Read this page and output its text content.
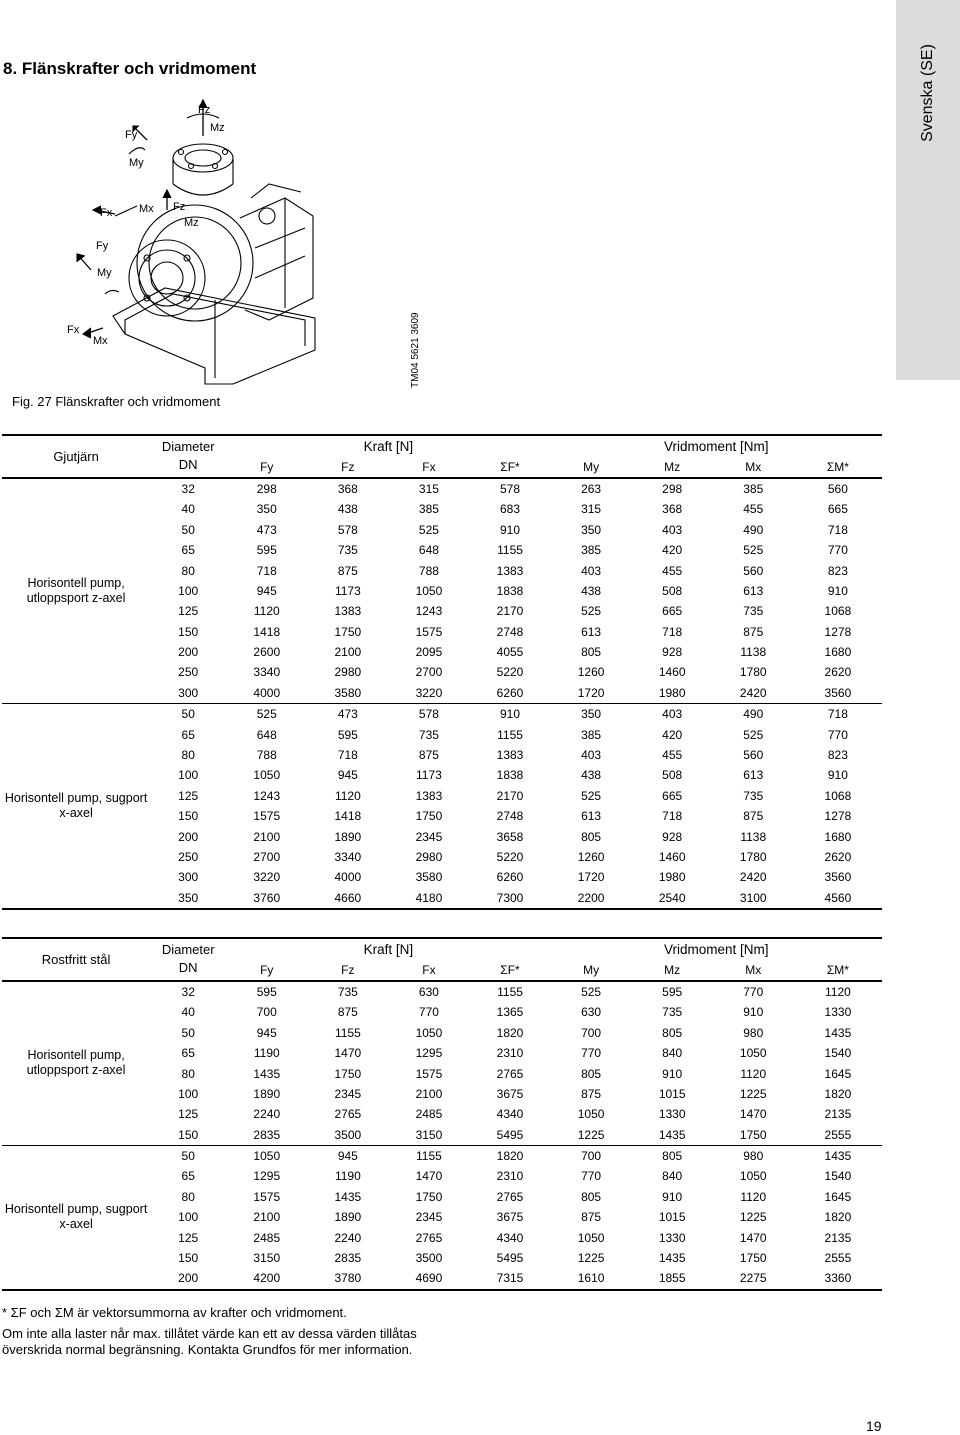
8. Flänskrafter och vridmoment	Svenska (SE)
Fz
Mz
Fy
My
Fx Mx Fz
Mz
Fy
My
Fx
Mx	TM04 5621 3609
Fig. 27 Flänskrafter och vridmoment
Gjutjärn	Diameter
DN	Kraft [N]				Vridmoment [Nm]			
		Fy	Fz	Fx	ΣF*	My	Mz	Mx	ΣM*
Horisontell pump, utloppsport z-axel	32	298	368	315	578	263	298	385	560
	40	350	438	385	683	315	368	455	665
	50	473	578	525	910	350	403	490	718
	65	595	735	648	1155	385	420	525	770
	80	718	875	788	1383	403	455	560	823
	100	945	1173	1050	1838	438	508	613	910
	125	1120	1383	1243	2170	525	665	735	1068
	150	1418	1750	1575	2748	613	718	875	1278
	200	2600	2100	2095	4055	805	928	1138	1680
	250	3340	2980	2700	5220	1260	1460	1780	2620
	300	4000	3580	3220	6260	1720	1980	2420	3560
Horisontell pump, sugport x-axel	50	525	473	578	910	350	403	490	718
	65	648	595	735	1155	385	420	525	770
	80	788	718	875	1383	403	455	560	823
	100	1050	945	1173	1838	438	508	613	910
	125	1243	1120	1383	2170	525	665	735	1068
	150	1575	1418	1750	2748	613	718	875	1278
	200	2100	1890	2345	3658	805	928	1138	1680
	250	2700	3340	2980	5220	1260	1460	1780	2620
	300	3220	4000	3580	6260	1720	1980	2420	3560
	350	3760	4660	4180	7300	2200	2540	3100	4560
Rostfritt stål	Diameter
DN	Kraft [N]				Vridmoment [Nm]			
		Fy	Fz	Fx	ΣF*	My	Mz	Mx	ΣM*
Horisontell pump, utloppsport z-axel	32	595	735	630	1155	525	595	770	1120
	40	700	875	770	1365	630	735	910	1330
	50	945	1155	1050	1820	700	805	980	1435
	65	1190	1470	1295	2310	770	840	1050	1540
	80	1435	1750	1575	2765	805	910	1120	1645
	100	1890	2345	2100	3675	875	1015	1225	1820
	125	2240	2765	2485	4340	1050	1330	1470	2135
	150	2835	3500	3150	5495	1225	1435	1750	2555
Horisontell pump, sugport x-axel	50	1050	945	1155	1820	700	805	980	1435
	65	1295	1190	1470	2310	770	840	1050	1540
	80	1575	1435	1750	2765	805	910	1120	1645
	100	2100	1890	2345	3675	875	1015	1225	1820
	125	2485	2240	2765	4340	1050	1330	1470	2135
	150	3150	2835	3500	5495	1225	1435	1750	2555
	200	4200	3780	4690	7315	1610	1855	2275	3360

* ΣF och ΣM är vektorsummorna av krafter och vridmoment.

Om inte alla laster når max. tillåtet värde kan ett av dessa värden tillåtas överskrida normal begränsning. Kontakta Grundfos för mer information.

19
